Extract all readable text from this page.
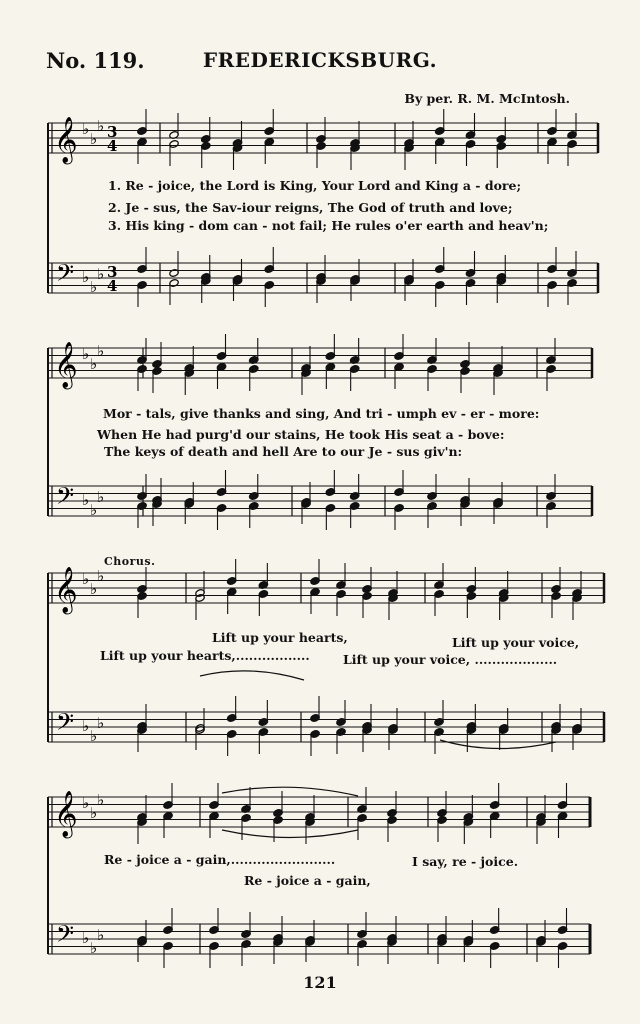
No. 119.	FREDERICKSBURG.
By per. R. M. McIntosh.
𝄞
𝄢
♭
♭
♭
♭
♭
♭
3
3
4
4
𝄞
𝄢
♭
♭
♭
♭
♭
♭
𝄞
𝄢
♭
♭
♭
♭
♭
♭
𝄞
𝄢
♭
♭
♭
♭
♭
♭
1. Re - joice, the Lord is King, Your Lord and King a - dore;
2. Je - sus, the Sav-iour reigns, The God of truth and love;
3. His king - dom can - not fail; He rules o'er earth and heav'n;
Mor - tals, give thanks and sing, And tri - umph ev - er - more:
When He had purg'd our stains, He took His seat a - bove:
The keys of death and hell Are to our Je - sus giv'n:
Chorus.
Lift up your hearts,	Lift up your voice,
Lift up your hearts,.................	Lift up your voice, ...................
Re - joice a - gain,........................	I say, re - joice.
Re - joice a - gain,
121
